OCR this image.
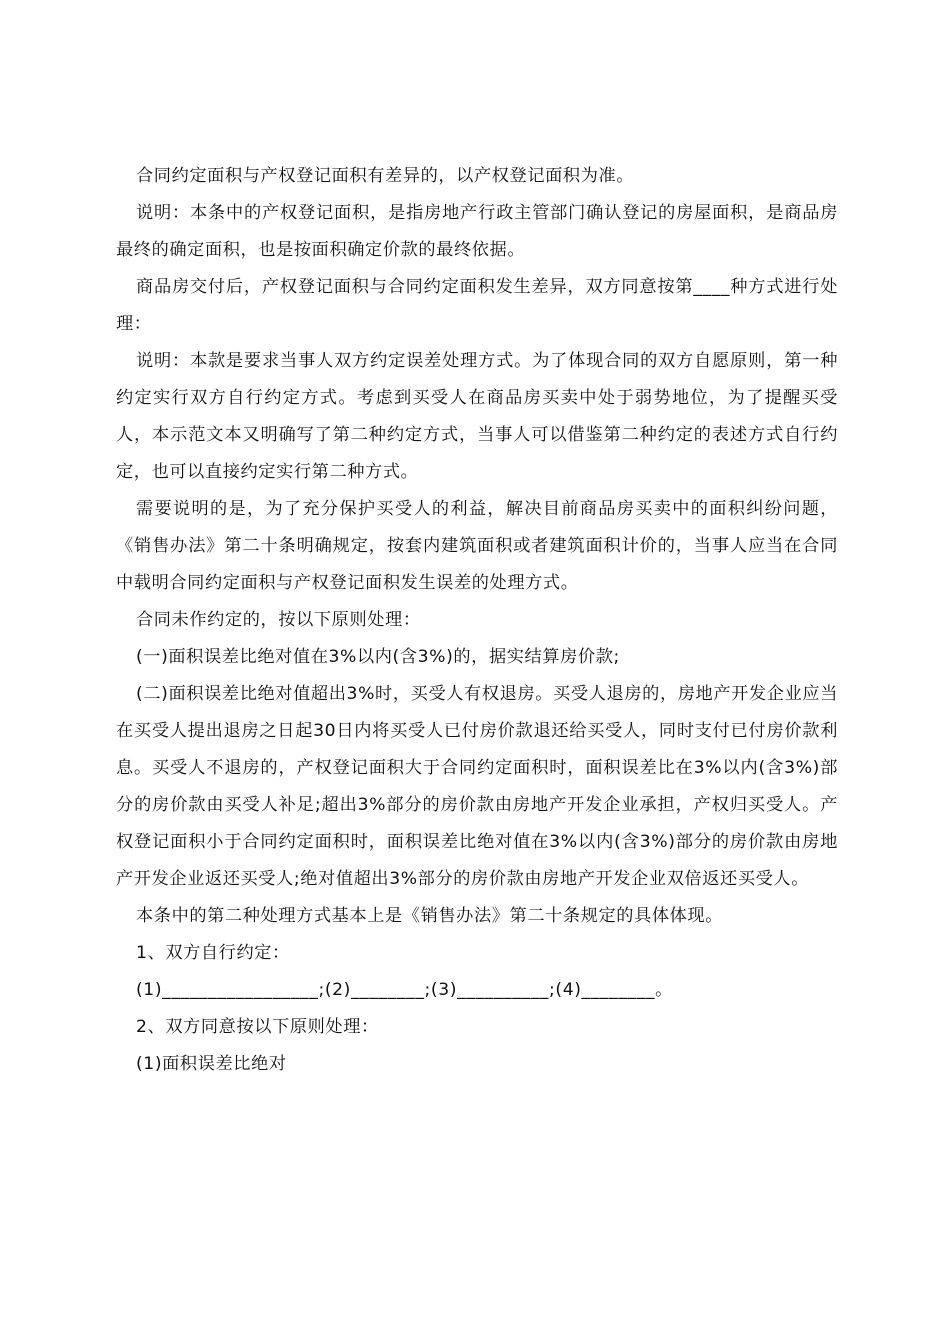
合同约定面积与产权登记面积有差异的，以产权登记面积为准。

说明：本条中的产权登记面积，是指房地产行政主管部门确认登记的房屋面积，是商品房最终的确定面积，也是按面积确定价款的最终依据。

商品房交付后，产权登记面积与合同约定面积发生差异，双方同意按第____种方式进行处理：

说明：本款是要求当事人双方约定误差处理方式。为了体现合同的双方自愿原则，第一种约定实行双方自行约定方式。考虑到买受人在商品房买卖中处于弱势地位，为了提醒买受人，本示范文本又明确写了第二种约定方式，当事人可以借鉴第二种约定的表述方式自行约定，也可以直接约定实行第二种方式。

需要说明的是，为了充分保护买受人的利益，解决目前商品房买卖中的面积纠纷问题，《销售办法》第二十条明确规定，按套内建筑面积或者建筑面积计价的，当事人应当在合同中载明合同约定面积与产权登记面积发生误差的处理方式。

合同未作约定的，按以下原则处理：

(一)面积误差比绝对值在3%以内(含3%)的，据实结算房价款;

(二)面积误差比绝对值超出3%时，买受人有权退房。买受人退房的，房地产开发企业应当在买受人提出退房之日起30日内将买受人已付房价款退还给买受人，同时支付已付房价款利息。买受人不退房的，产权登记面积大于合同约定面积时，面积误差比在3%以内(含3%)部分的房价款由买受人补足;超出3%部分的房价款由房地产开发企业承担，产权归买受人。产权登记面积小于合同约定面积时，面积误差比绝对值在3%以内(含3%)部分的房价款由房地产开发企业返还买受人;绝对值超出3%部分的房价款由房地产开发企业双倍返还买受人。

本条中的第二种处理方式基本上是《销售办法》第二十条规定的具体体现。

1、双方自行约定：

(1)_________________;(2)________;(3)__________;(4)________。

2、双方同意按以下原则处理：

(1)面积误差比绝对
